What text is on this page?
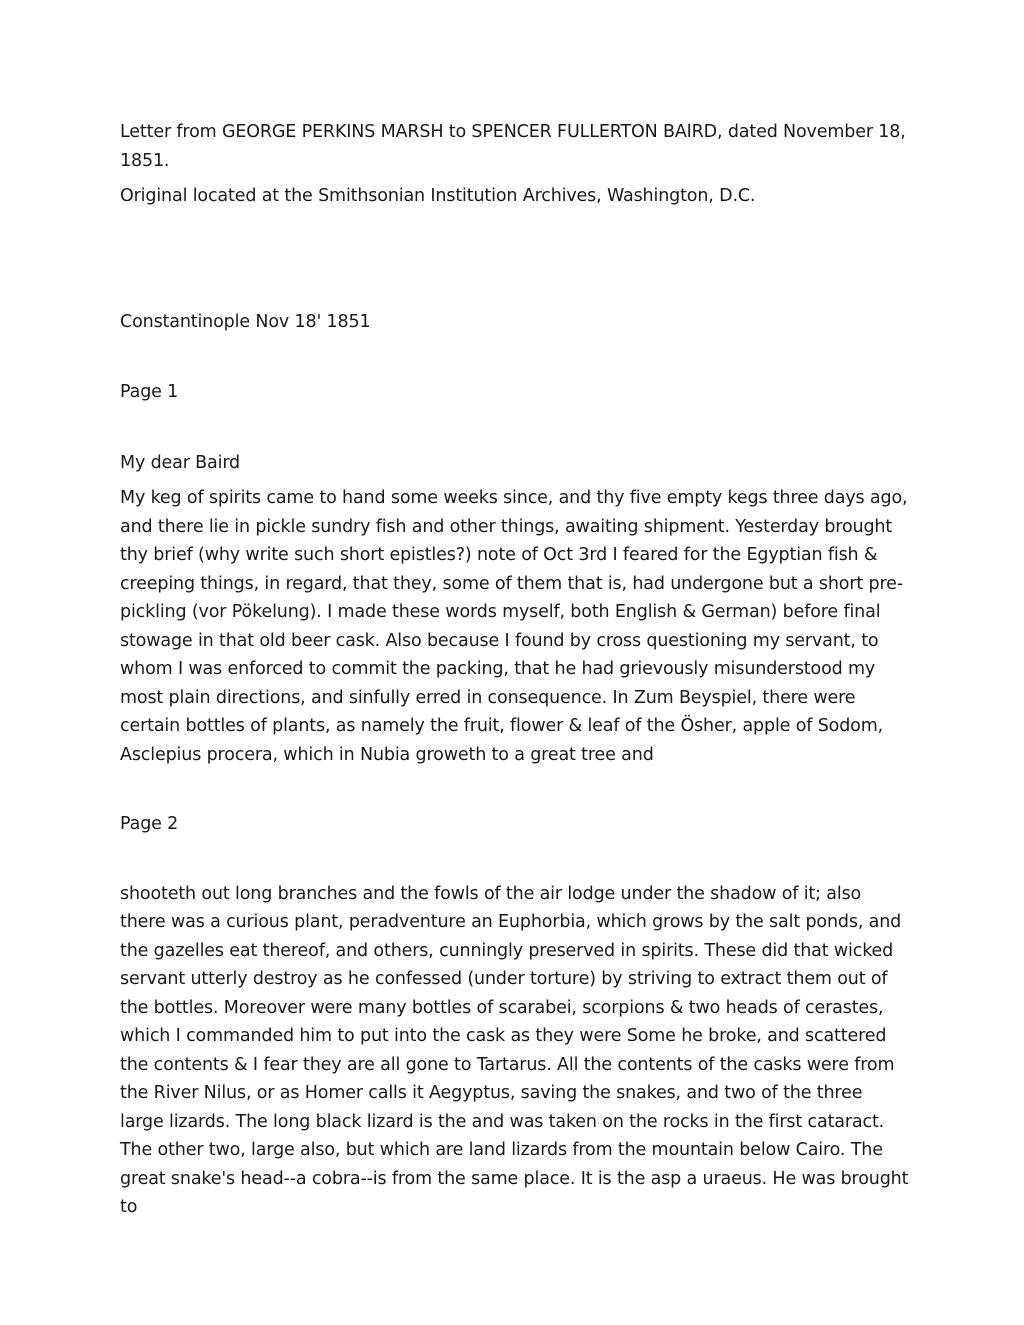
Letter from GEORGE PERKINS MARSH to SPENCER FULLERTON BAIRD, dated November 18, 1851.

Original located at the Smithsonian Institution Archives, Washington, D.C.

Constantinople Nov 18' 1851

Page 1

My dear Baird

My keg of spirits came to hand some weeks since, and thy five empty kegs three days ago, and there lie in pickle sundry fish and other things, awaiting shipment. Yesterday brought thy brief (why write such short epistles?) note of Oct 3rd I feared for the Egyptian fish & creeping things, in regard, that they, some of them that is, had undergone but a short pre-pickling (vor Pökelung). I made these words myself, both English & German) before final stowage in that old beer cask. Also because I found by cross questioning my servant, to whom I was enforced to commit the packing, that he had grievously misunderstood my most plain directions, and sinfully erred in consequence. In Zum Beyspiel, there were certain bottles of plants, as namely the fruit, flower & leaf of the Ösher, apple of Sodom, Asclepius procera, which in Nubia groweth to a great tree and

Page 2

shooteth out long branches and the fowls of the air lodge under the shadow of it; also there was a curious plant, peradventure an Euphorbia, which grows by the salt ponds, and the gazelles eat thereof, and others, cunningly preserved in spirits. These did that wicked servant utterly destroy as he confessed (under torture) by striving to extract them out of the bottles. Moreover were many bottles of scarabei, scorpions & two heads of cerastes, which I commanded him to put into the cask as they were Some he broke, and scattered the contents & I fear they are all gone to Tartarus. All the contents of the casks were from the River Nilus, or as Homer calls it Aegyptus, saving the snakes, and two of the three large lizards. The long black lizard is the and was taken on the rocks in the first cataract. The other two, large also, but which are land lizards from the mountain below Cairo. The great snake's head--a cobra--is from the same place. It is the asp a uraeus. He was brought to
